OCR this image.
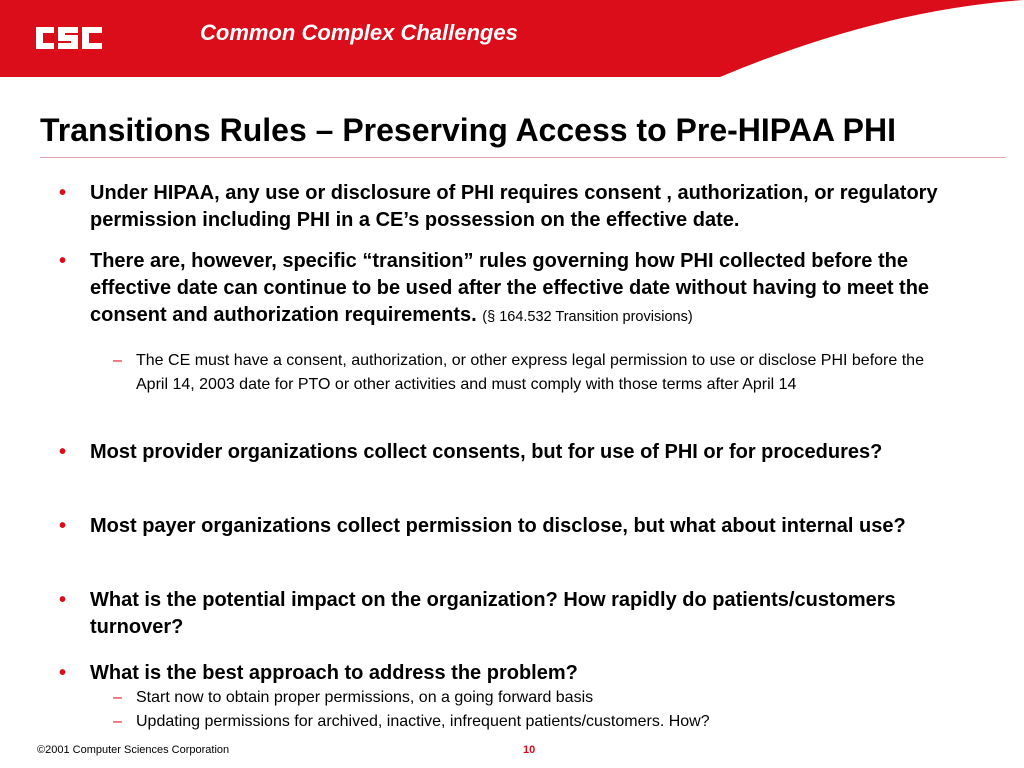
Common Complex Challenges
Transitions Rules – Preserving Access to Pre-HIPAA PHI
• Under HIPAA, any use or disclosure of PHI requires consent , authorization, or regulatory permission including PHI in a CE’s possession on the effective date.
• There are, however, specific “transition” rules governing how PHI collected before the effective date can continue to be used after the effective date without having to meet the consent and authorization requirements. (§ 164.532 Transition provisions)
– The CE must have a consent, authorization, or other express legal permission to use or disclose PHI before the April 14, 2003 date for PTO or other activities and must comply with those terms after April 14
• Most provider organizations collect consents, but for use of PHI or for procedures?
• Most payer organizations collect permission to disclose, but what about internal use?
• What is the potential impact on the organization? How rapidly do patients/customers turnover?
• What is the best approach to address the problem?
– Start now to obtain proper permissions, on a going forward basis
– Updating permissions for archived, inactive, infrequent patients/customers. How?
©2001 Computer Sciences Corporation	10
